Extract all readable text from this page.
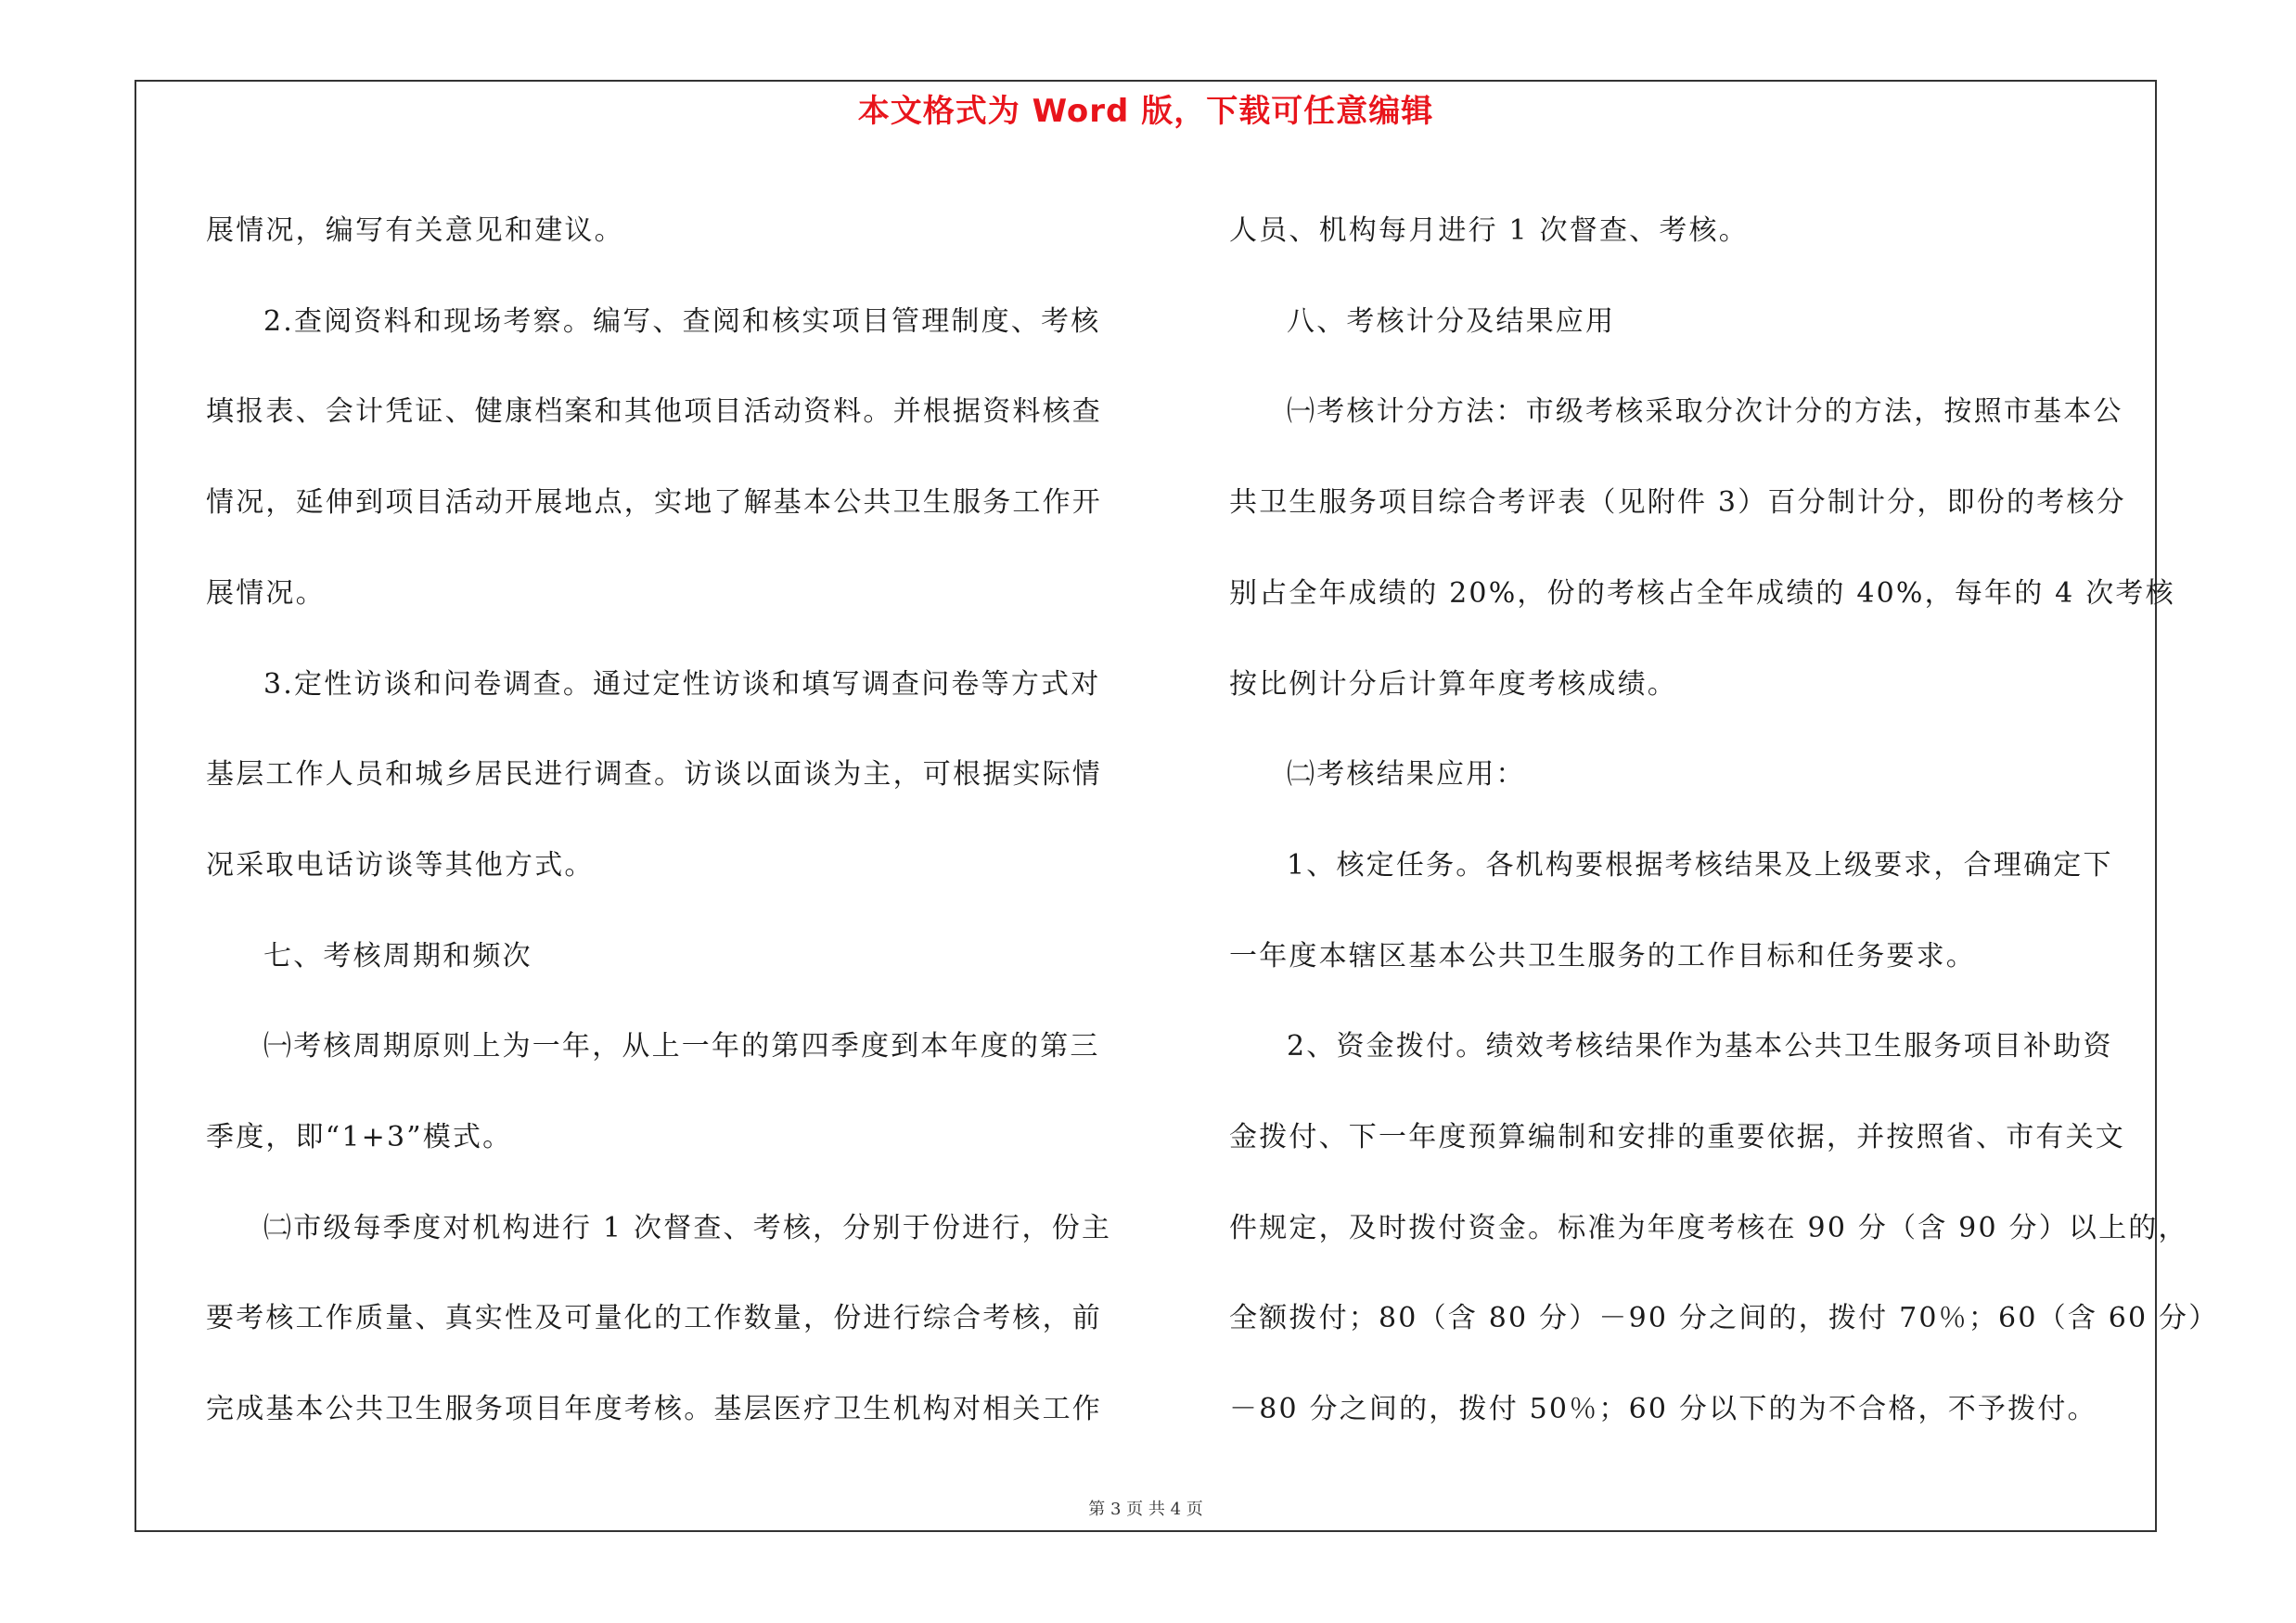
本文格式为 Word 版，下载可任意编辑

展情况，编写有关意见和建议。

2.查阅资料和现场考察。编写、查阅和核实项目管理制度、考核

填报表、会计凭证、健康档案和其他项目活动资料。并根据资料核查

情况，延伸到项目活动开展地点，实地了解基本公共卫生服务工作开

展情况。

3.定性访谈和问卷调查。通过定性访谈和填写调查问卷等方式对

基层工作人员和城乡居民进行调查。访谈以面谈为主，可根据实际情

况采取电话访谈等其他方式。

七、考核周期和频次

㈠考核周期原则上为一年，从上一年的第四季度到本年度的第三

季度，即“1+3”模式。

㈡市级每季度对机构进行 1 次督查、考核，分别于份进行，份主

要考核工作质量、真实性及可量化的工作数量，份进行综合考核，前

完成基本公共卫生服务项目年度考核。基层医疗卫生机构对相关工作

人员、机构每月进行 1 次督查、考核。

八、考核计分及结果应用

㈠考核计分方法：市级考核采取分次计分的方法，按照市基本公

共卫生服务项目综合考评表（见附件 3）百分制计分，即份的考核分

别占全年成绩的 20%，份的考核占全年成绩的 40%，每年的 4 次考核

按比例计分后计算年度考核成绩。

㈡考核结果应用：

1、核定任务。各机构要根据考核结果及上级要求，合理确定下

一年度本辖区基本公共卫生服务的工作目标和任务要求。

2、资金拨付。绩效考核结果作为基本公共卫生服务项目补助资

金拨付、下一年度预算编制和安排的重要依据，并按照省、市有关文

件规定，及时拨付资金。标准为年度考核在 90 分（含 90 分）以上的，

全额拨付；80（含 80 分）－90 分之间的，拨付 70％；60（含 60 分）

－80 分之间的，拨付 50％；60 分以下的为不合格，不予拨付。

第 3 页 共 4 页
